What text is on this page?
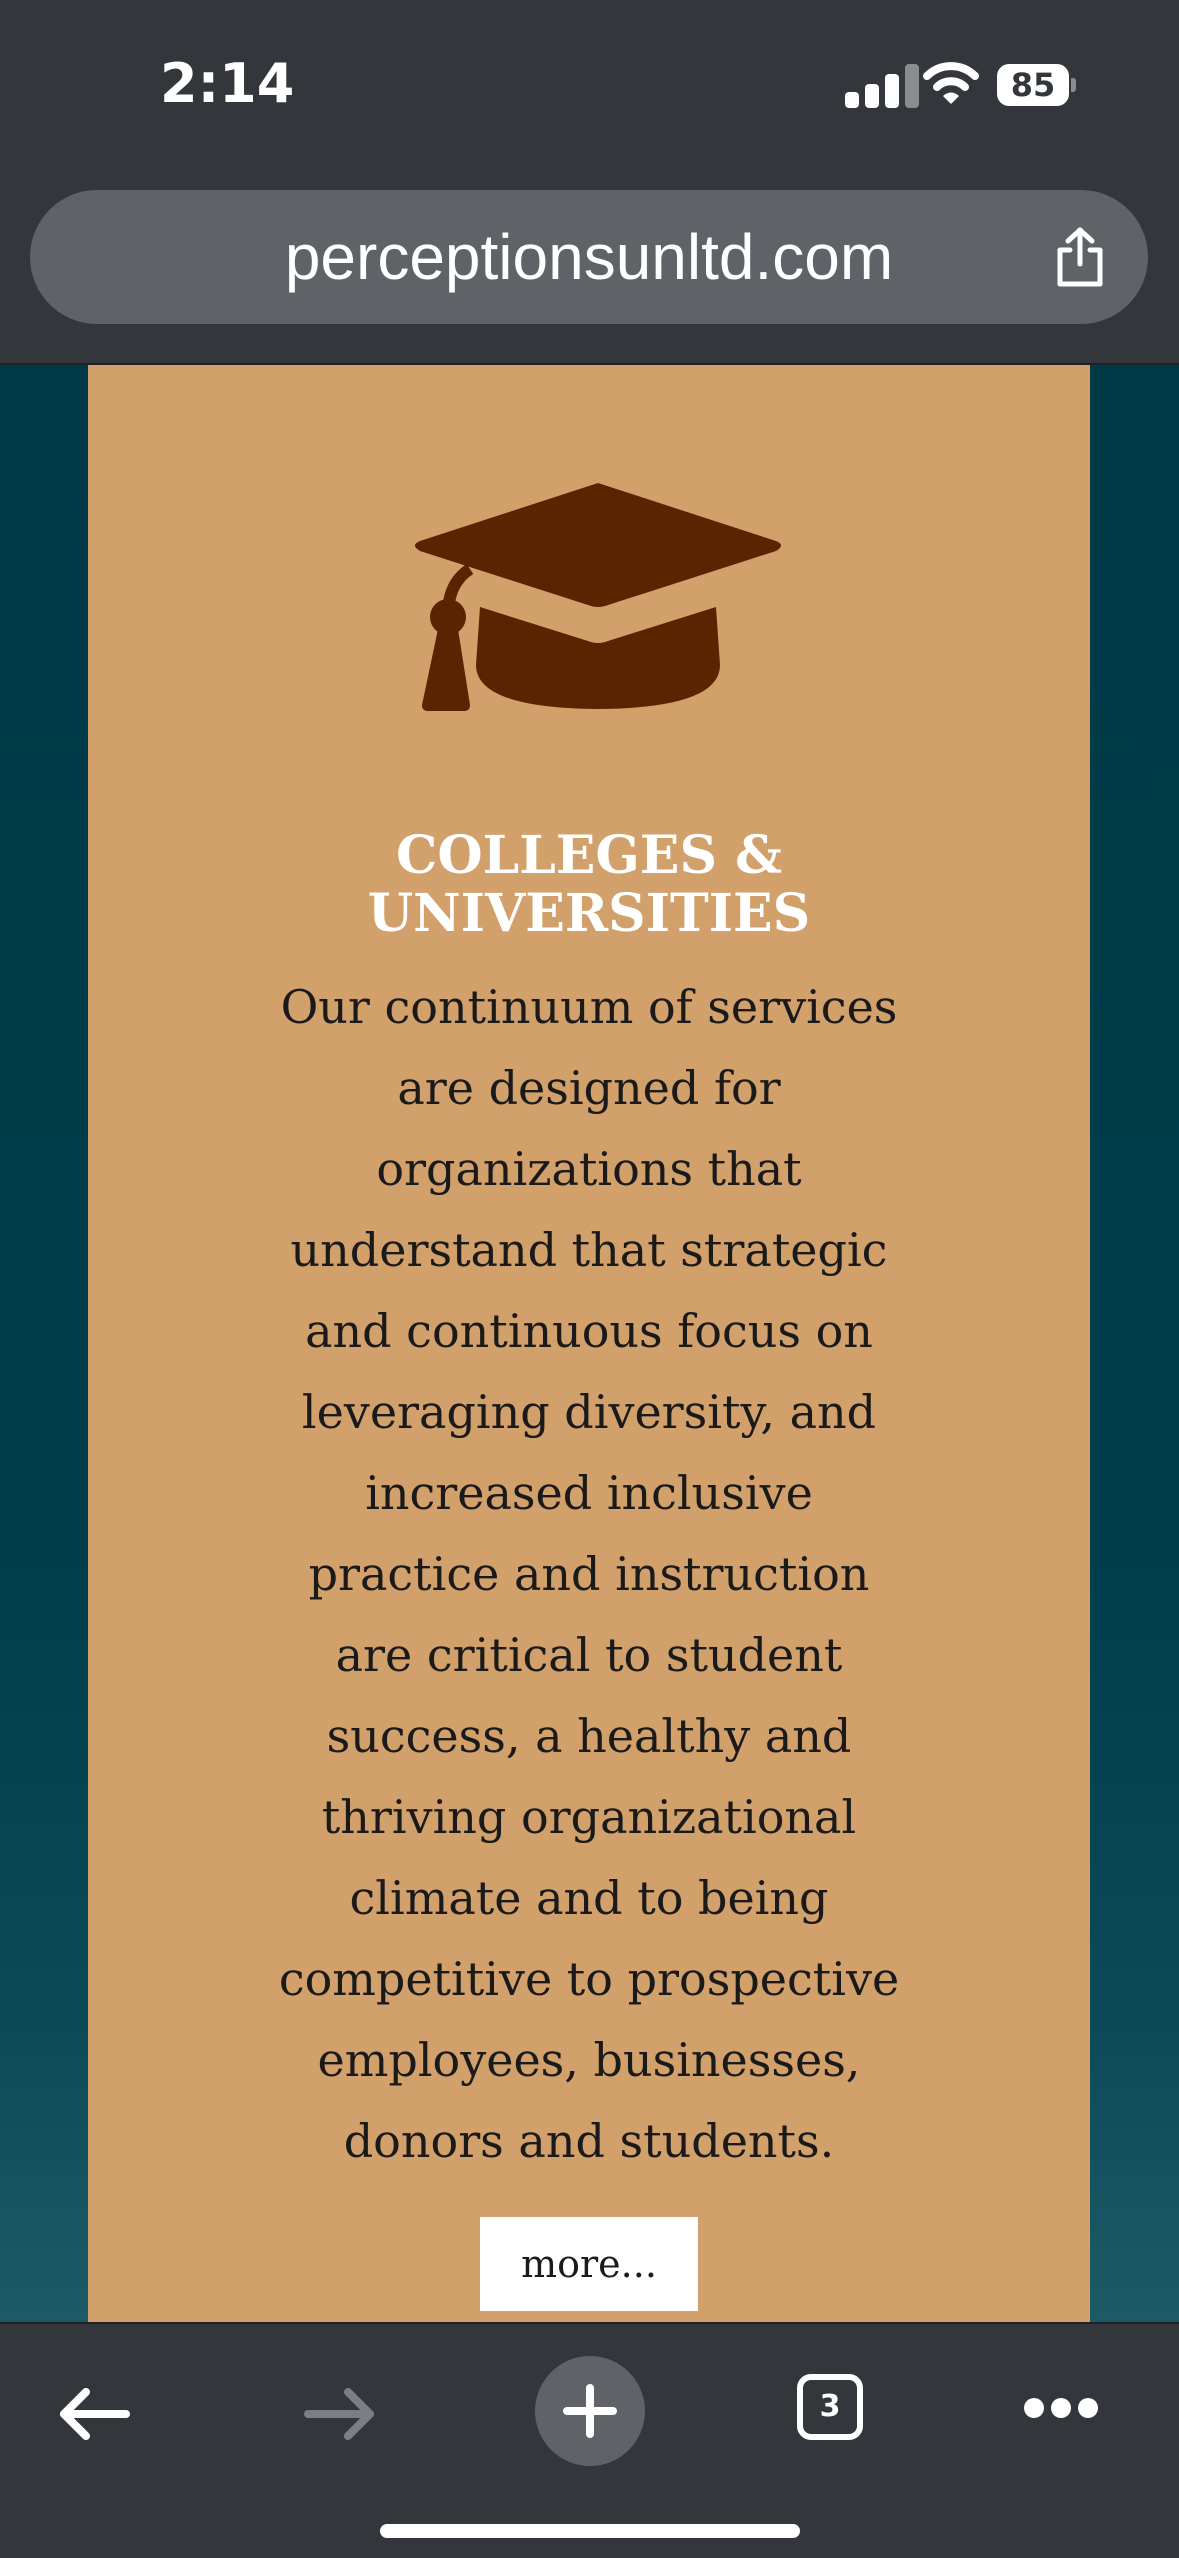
2:14	85
perceptionsunltd.com
COLLEGES &
UNIVERSITIES
Our continuum of services
are designed for
organizations that
understand that strategic
and continuous focus on
leveraging diversity, and
increased inclusive
practice and instruction
are critical to student
success, a healthy and
thriving organizational
climate and to being
competitive to prospective
employees, businesses,
donors and students.
more...
3
